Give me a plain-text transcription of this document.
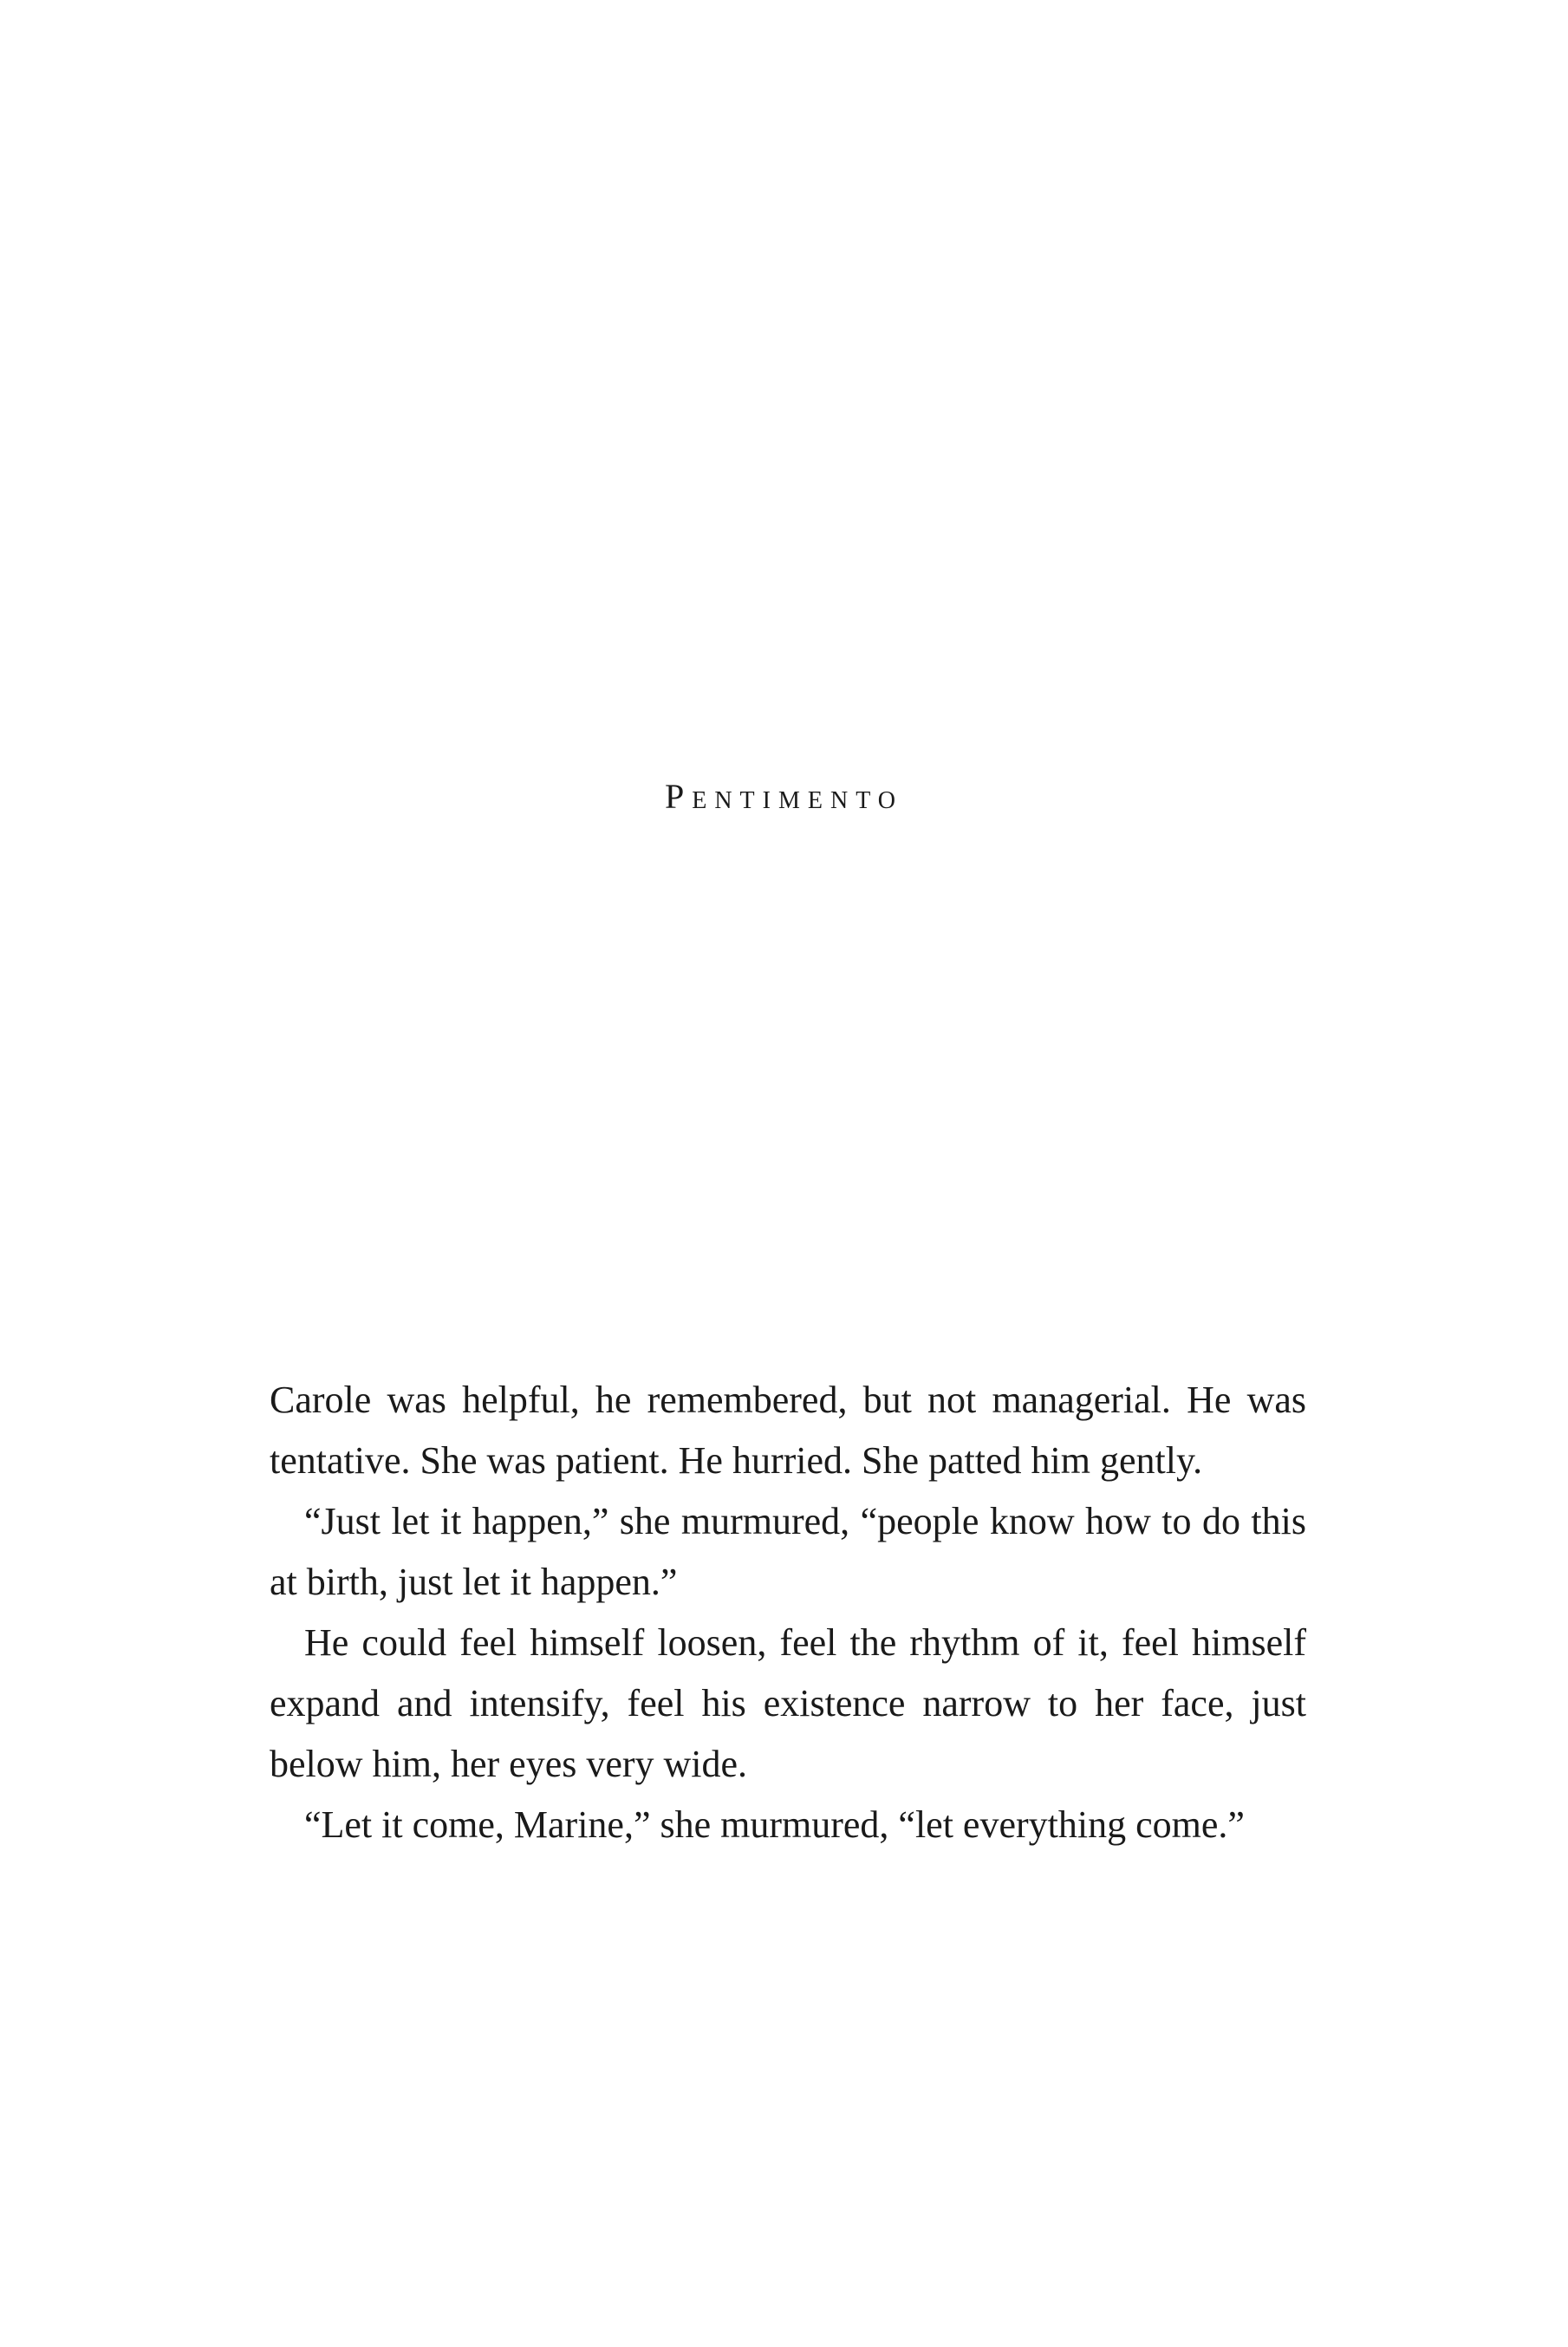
Pentimento

Carole was helpful, he remembered, but not managerial. He was tentative. She was patient. He hurried. She patted him gently.

“Just let it happen,” she murmured, “people know how to do this at birth, just let it happen.”

He could feel himself loosen, feel the rhythm of it, feel himself expand and intensify, feel his existence narrow to her face, just below him, her eyes very wide.

“Let it come, Marine,” she murmured, “let everything come.”
